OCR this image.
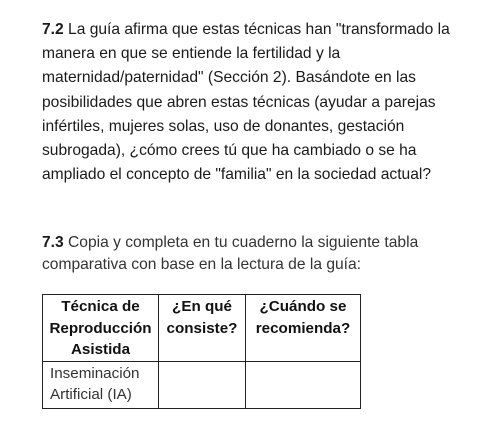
7.2 La guía afirma que estas técnicas han "transformado la manera en que se entiende la fertilidad y la maternidad/paternidad" (Sección 2). Basándote en las posibilidades que abren estas técnicas (ayudar a parejas infértiles, mujeres solas, uso de donantes, gestación subrogada), ¿cómo crees tú que ha cambiado o se ha ampliado el concepto de "familia" en la sociedad actual?
7.3 Copia y completa en tu cuaderno la siguiente tabla comparativa con base en la lectura de la guía:
Técnica de Reproducción Asistida	¿En qué consiste?	¿Cuándo se recomienda?
Inseminación Artificial (IA)		
